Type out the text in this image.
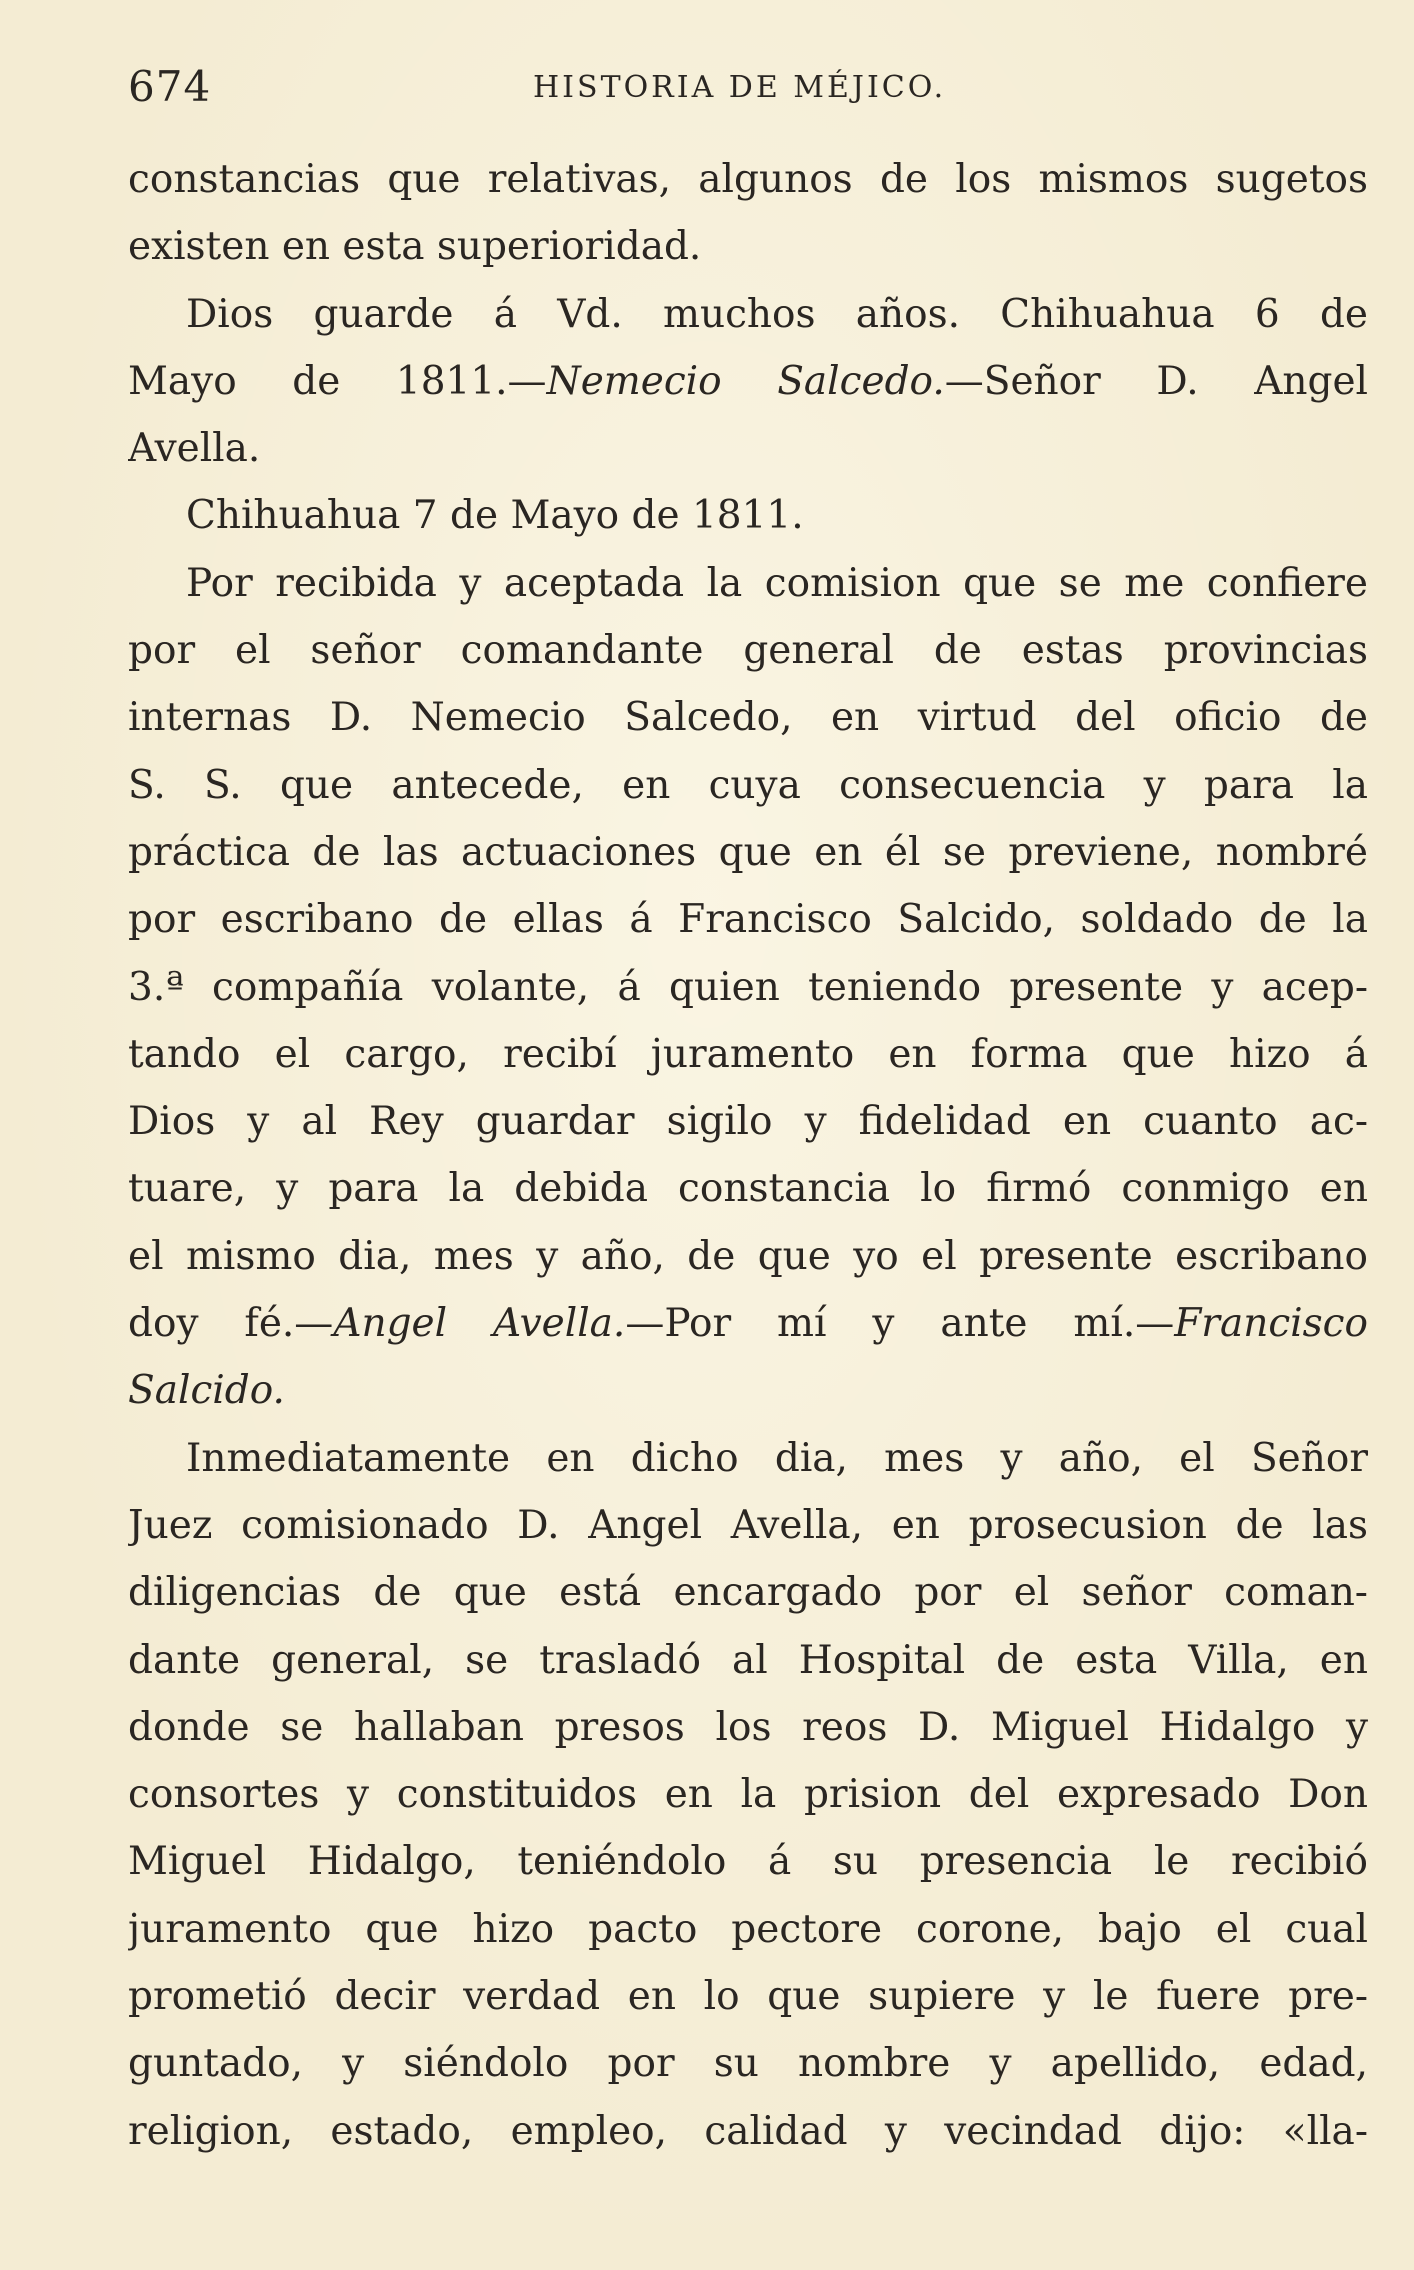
674	HISTORIA DE MÉJICO.
constancias que relativas, algunos de los mismos sugetos
existen en esta superioridad.
Dios guarde á Vd. muchos años. Chihuahua 6 de
Mayo de 1811.—Nemecio Salcedo.—Señor D. Angel
Avella.
Chihuahua 7 de Mayo de 1811.
Por recibida y aceptada la comision que se me confiere
por el señor comandante general de estas provincias
internas D. Nemecio Salcedo, en virtud del oficio de
S. S. que antecede, en cuya consecuencia y para la
práctica de las actuaciones que en él se previene, nombré
por escribano de ellas á Francisco Salcido, soldado de la
3.ª compañía volante, á quien teniendo presente y acep-
tando el cargo, recibí juramento en forma que hizo á
Dios y al Rey guardar sigilo y fidelidad en cuanto ac-
tuare, y para la debida constancia lo firmó conmigo en
el mismo dia, mes y año, de que yo el presente escribano
doy fé.—Angel Avella.—Por mí y ante mí.—Francisco
Salcido.
Inmediatamente en dicho dia, mes y año, el Señor
Juez comisionado D. Angel Avella, en prosecusion de las
diligencias de que está encargado por el señor coman-
dante general, se trasladó al Hospital de esta Villa, en
donde se hallaban presos los reos D. Miguel Hidalgo y
consortes y constituidos en la prision del expresado Don
Miguel Hidalgo, teniéndolo á su presencia le recibió
juramento que hizo pacto pectore corone, bajo el cual
prometió decir verdad en lo que supiere y le fuere pre-
guntado, y siéndolo por su nombre y apellido, edad,
religion, estado, empleo, calidad y vecindad dijo: «lla-
